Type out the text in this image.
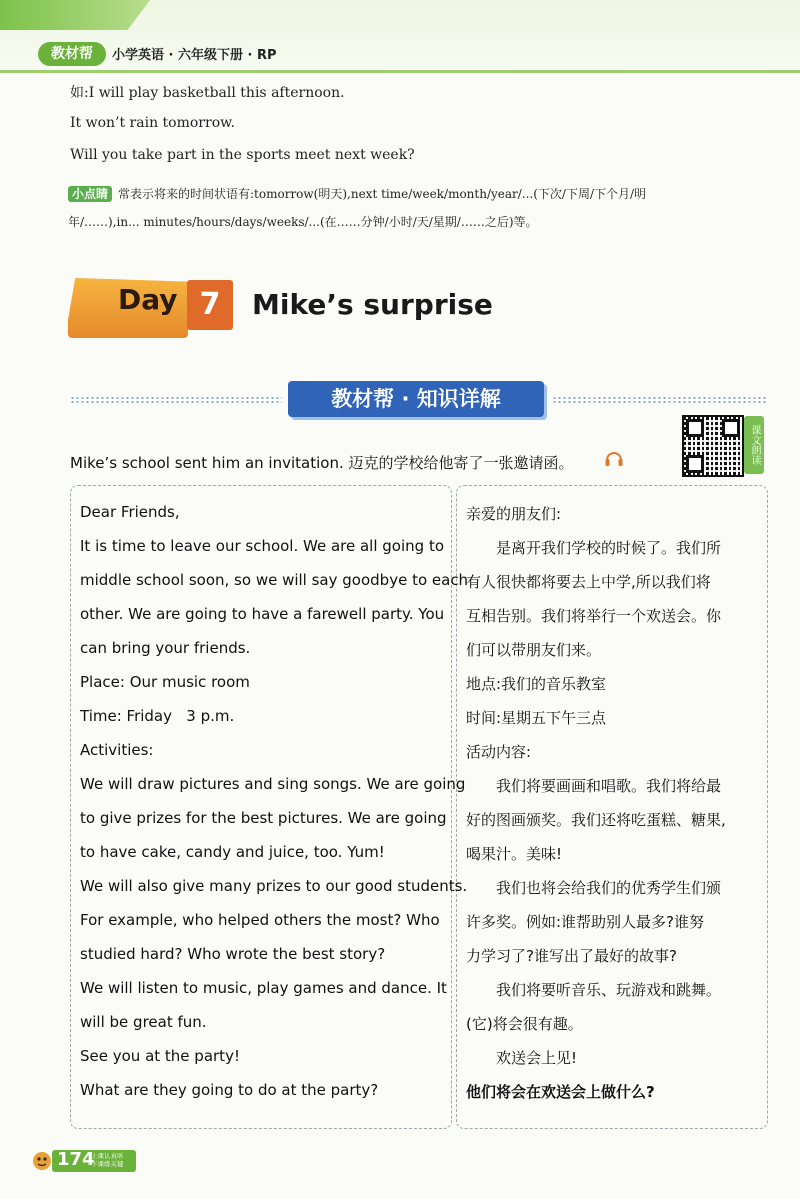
教材帮	小学英语 · 六年级下册 · RP
如:I will play basketball this afternoon.
It won’t rain tomorrow.
Will you take part in the sports meet next week?
小点睛 常表示将来的时间状语有:tomorrow(明天),next time/week/month/year/...(下次/下周/下个月/明
年/……),in... minutes/hours/days/weeks/...(在……分钟/小时/天/星期/……之后)等。
Day 7	Mike’s surprise
教材帮 · 知识详解
课文朗读
Mike’s school sent him an invitation. 迈克的学校给他寄了一张邀请函。
Dear Friends,
It is time to leave our school. We are all going to
middle school soon, so we will say goodbye to each
other. We are going to have a farewell party. You
can bring your friends.
Place: Our music room
Time: Friday   3 p.m.
Activities:
We will draw pictures and sing songs. We are going
to give prizes for the best pictures. We are going
to have cake, candy and juice, too. Yum!
We will also give many prizes to our good students.
For example, who helped others the most? Who
studied hard? Who wrote the best story?
We will listen to music, play games and dance. It
will be great fun.
See you at the party!
What are they going to do at the party?
亲爱的朋友们:
是离开我们学校的时候了。我们所
有人很快都将要去上中学,所以我们将
互相告别。我们将举行一个欢送会。你
们可以带朋友们来。
地点:我们的音乐教室
时间:星期五下午三点
活动内容:
我们将要画画和唱歌。我们将给最
好的图画颁奖。我们还将吃蛋糕、糖果,
喝果汁。美味!
我们也将会给我们的优秀学生们颁
许多奖。例如:谁帮助别人最多?谁努
力学习了?谁写出了最好的故事?
我们将要听音乐、玩游戏和跳舞。
(它)将会很有趣。
欢送会上见!
他们将会在欢送会上做什么?
174
上课认真听
下课练关键
